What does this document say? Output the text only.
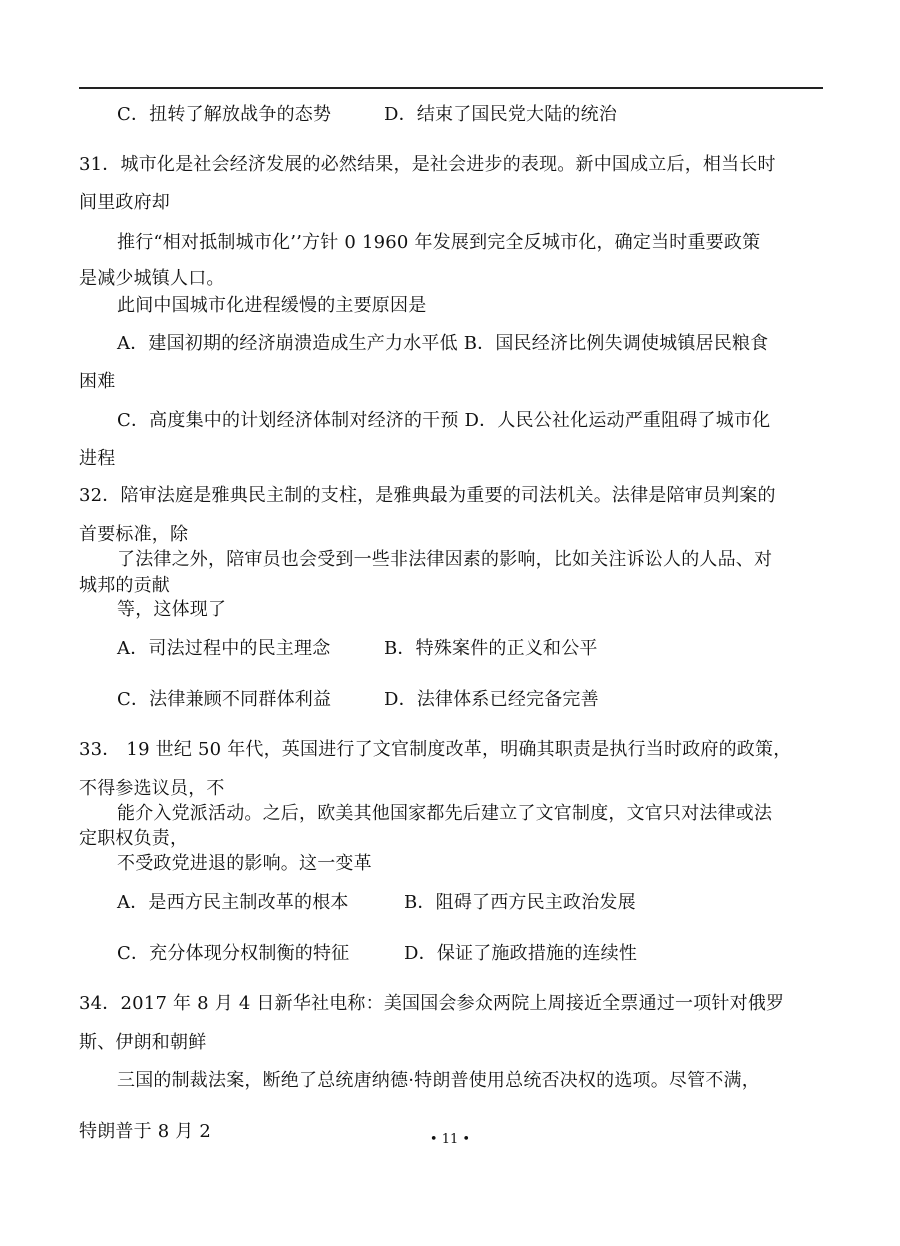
C．扭转了解放战争的态势	D．结束了国民党大陆的统治
31．城市化是社会经济发展的必然结果，是社会进步的表现。新中国成立后，相当长时
间里政府却
推行“相对抵制城市化’’方针 0 1960 年发展到完全反城市化，确定当时重要政策
是减少城镇人口。
此间中国城市化进程缓慢的主要原因是
A．建国初期的经济崩溃造成生产力水平低 B．国民经济比例失调使城镇居民粮食
困难
C．高度集中的计划经济体制对经济的干预 D．人民公社化运动严重阻碍了城市化
进程
32．陪审法庭是雅典民主制的支柱，是雅典最为重要的司法机关。法律是陪审员判案的
首要标准，除
了法律之外，陪审员也会受到一些非法律因素的影响，比如关注诉讼人的人品、对
城邦的贡献
等，这体现了
A．司法过程中的民主理念	B．特殊案件的正义和公平
C．法律兼顾不同群体利益	D．法律体系已经完备完善
33． 19 世纪 50 年代，英国进行了文官制度改革，明确其职责是执行当时政府的政策，
不得参选议员，不
能介入党派活动。之后，欧美其他国家都先后建立了文官制度，文官只对法律或法
定职权负责，
不受政党进退的影响。这一变革
A．是西方民主制改革的根本	B．阻碍了西方民主政治发展
C．充分体现分权制衡的特征	D．保证了施政措施的连续性
34．2017 年 8 月 4 日新华社电称：美国国会参众两院上周接近全票通过一项针对俄罗
斯、伊朗和朝鲜
三国的制裁法案，断绝了总统唐纳德·特朗普使用总统否决权的选项。尽管不满，
特朗普于 8 月 2	• 11 •
